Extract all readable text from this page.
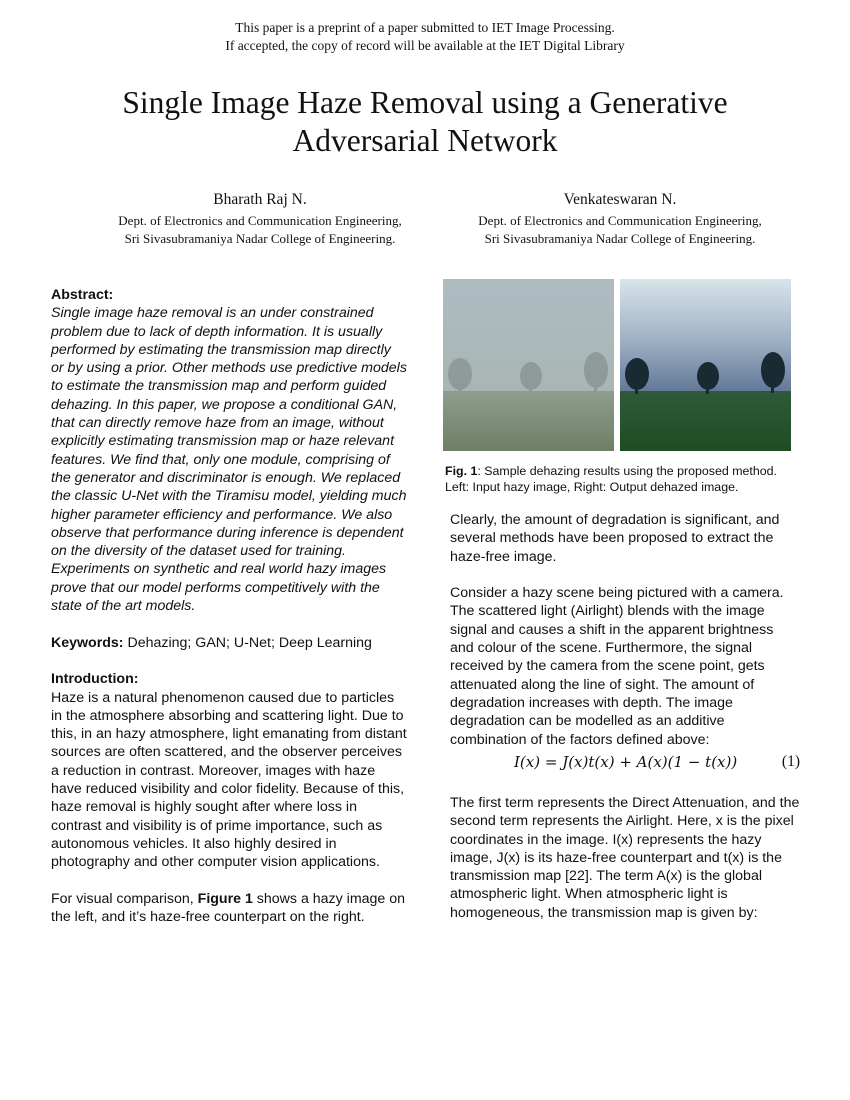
This paper is a preprint of a paper submitted to IET Image Processing.
If accepted, the copy of record will be available at the IET Digital Library
Single Image Haze Removal using a Generative
Adversarial Network
Bharath Raj N.
Dept. of Electronics and Communication Engineering,
Sri Sivasubramaniya Nadar College of Engineering.
Venkateswaran N.
Dept. of Electronics and Communication Engineering,
Sri Sivasubramaniya Nadar College of Engineering.

Abstract:

Single image haze removal is an under constrained problem due to lack of depth information. It is usually performed by estimating the transmission map directly or by using a prior. Other methods use predictive models to estimate the transmission map and perform guided dehazing. In this paper, we propose a conditional GAN, that can directly remove haze from an image, without explicitly estimating transmission map or haze relevant features. We find that, only one module, comprising of the generator and discriminator is enough. We replaced the classic U-Net with the Tiramisu model, yielding much higher parameter efficiency and performance. We also observe that performance during inference is dependent on the diversity of the dataset used for training. Experiments on synthetic and real world hazy images prove that our model performs competitively with the state of the art models.

Keywords: Dehazing; GAN; U-Net; Deep Learning

Introduction:

Haze is a natural phenomenon caused due to particles in the atmosphere absorbing and scattering light. Due to this, in an hazy atmosphere, light emanating from distant sources are often scattered, and the observer perceives a reduction in contrast. Moreover, images with haze have reduced visibility and color fidelity. Because of this, haze removal is highly sought after where loss in contrast and visibility is of prime importance, such as autonomous vehicles. It also highly desired in photography and other computer vision applications.

For visual comparison, Figure 1 shows a hazy image on the left, and it’s haze-free counterpart on the right.

Fig. 1: Sample dehazing results using the proposed method.
Left: Input hazy image, Right: Output dehazed image.

Clearly, the amount of degradation is significant, and several methods have been proposed to extract the haze-free image.

Consider a hazy scene being pictured with a camera. The scattered light (Airlight) blends with the image signal and causes a shift in the apparent brightness and colour of the scene. Furthermore, the signal received by the camera from the scene point, gets attenuated along the line of sight. The amount of degradation increases with depth. The image degradation can be modelled as an additive combination of the factors defined above:

I(x) = J(x)t(x) + A(x)(1 − t(x))	(1)

The first term represents the Direct Attenuation, and the second term represents the Airlight. Here, x is the pixel coordinates in the image. I(x) represents the hazy image, J(x) is its haze-free counterpart and t(x) is the transmission map [22]. The term A(x) is the global atmospheric light. When atmospheric light is homogeneous, the transmission map is given by:
